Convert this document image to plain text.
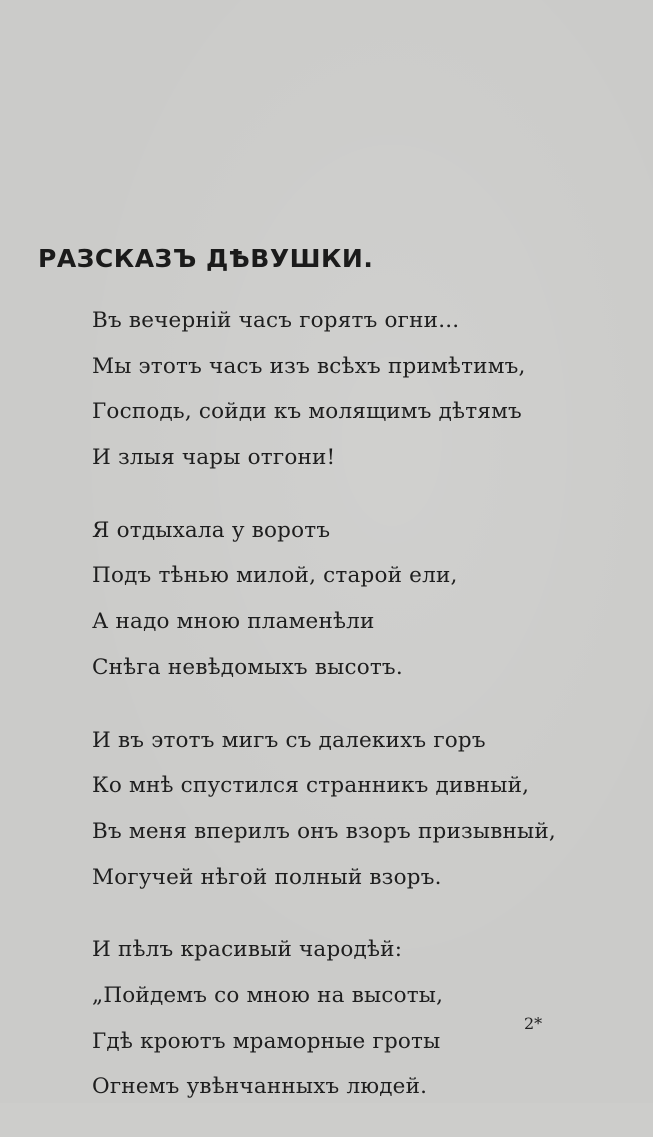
РАЗСКАЗЪ ДѢВУШКИ.
Въ вечерній часъ горятъ огни...
Мы этотъ часъ изъ всѣхъ примѣтимъ,
Господь, сойди къ молящимъ дѣтямъ
И злыя чары отгони!
Я отдыхала у воротъ
Подъ тѣнью милой, старой ели,
А надо мною пламенѣли
Снѣга невѣдомыхъ высотъ.
И въ этотъ мигъ съ далекихъ горъ
Ко мнѣ спустился странникъ дивный,
Въ меня вперилъ онъ взоръ призывный,
Могучей нѣгой полный взоръ.
И пѣлъ красивый чародѣй:
„Пойдемъ со мною на высоты,
Гдѣ кроютъ мраморные гроты
Огнемъ увѣнчанныхъ людей.
2*
